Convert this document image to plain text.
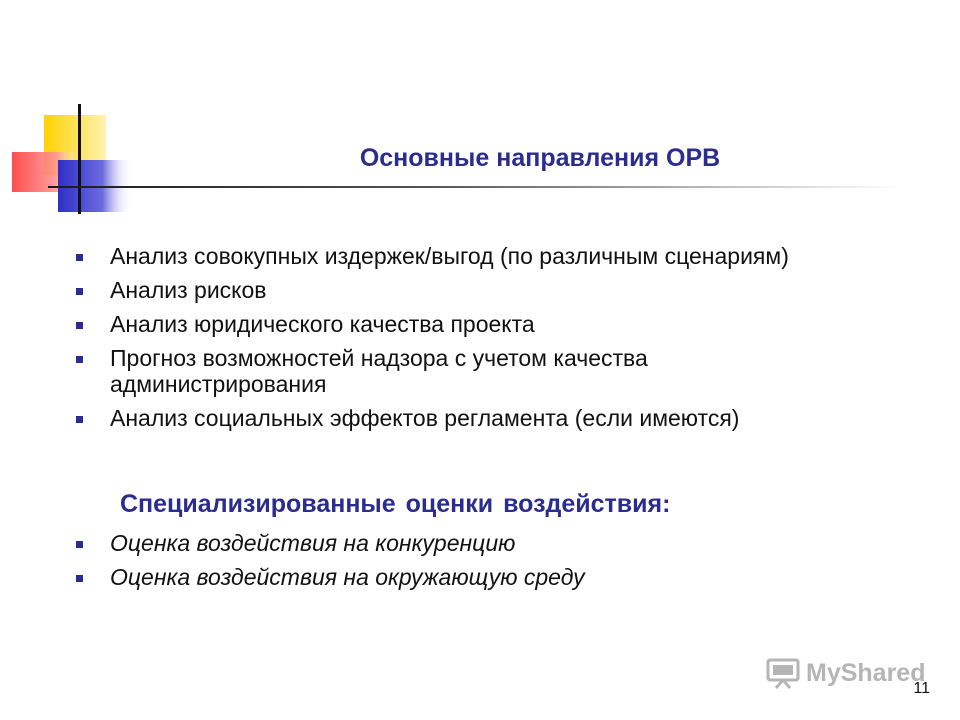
Основные направления ОРВ
Анализ совокупных издержек/выгод (по различным сценариям)
Анализ рисков
Анализ юридического качества проекта
Прогноз возможностей надзора с учетом качества администрирования
Анализ социальных эффектов регламента (если имеются)
Специализированные оценки воздействия:
Оценка воздействия на конкуренцию
Оценка воздействия на окружающую среду
MyShared
11
